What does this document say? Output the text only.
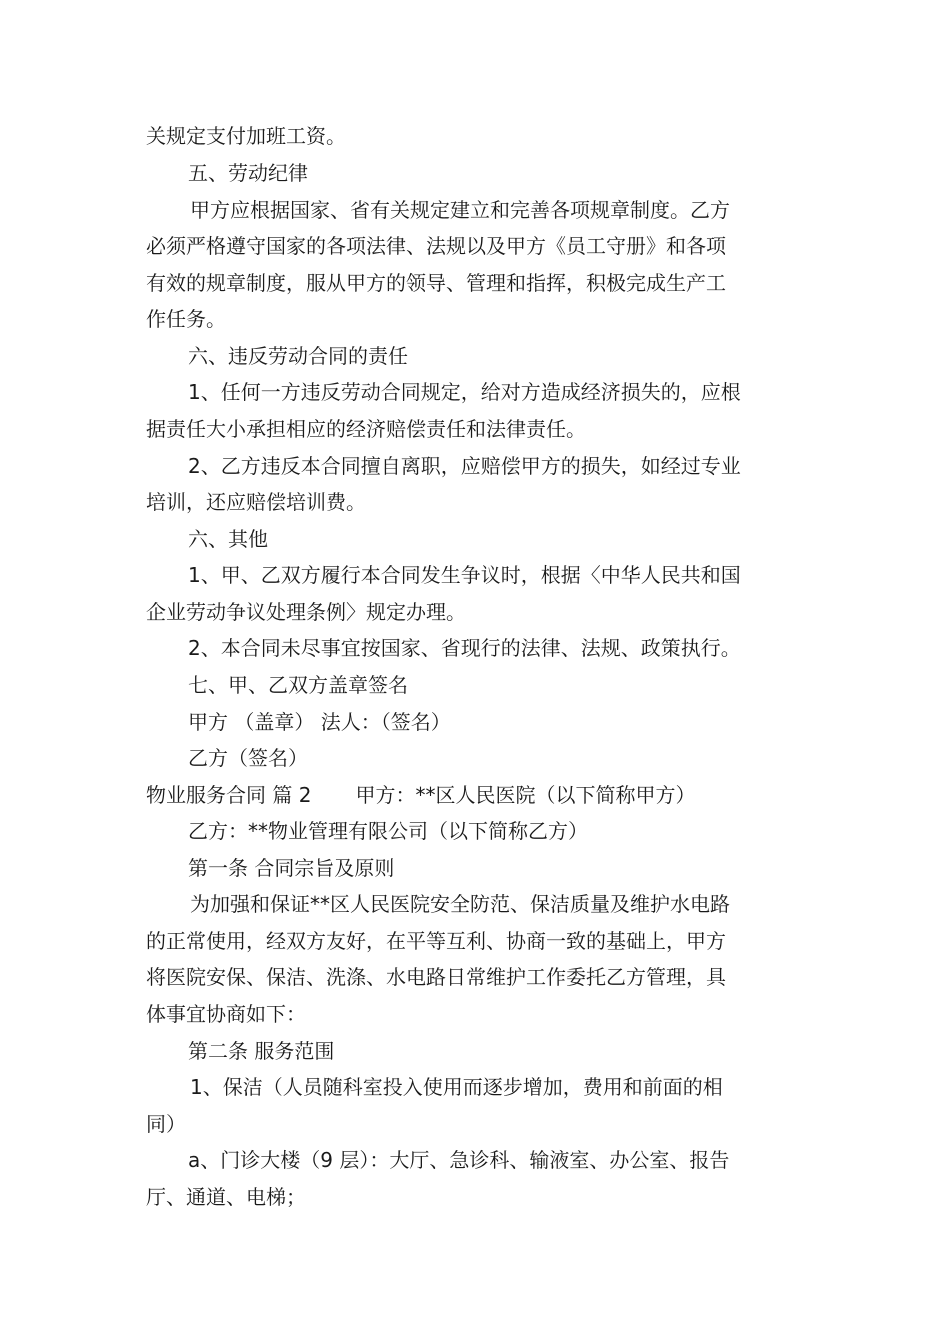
关规定支付加班工资。
五、劳动纪律
甲方应根据国家、省有关规定建立和完善各项规章制度。乙方
必须严格遵守国家的各项法律、法规以及甲方《员工守册》和各项
有效的规章制度，服从甲方的领导、管理和指挥，积极完成生产工
作任务。
六、违反劳动合同的责任
1、任何一方违反劳动合同规定，给对方造成经济损失的，应根
据责任大小承担相应的经济赔偿责任和法律责任。
2、乙方违反本合同擅自离职，应赔偿甲方的损失，如经过专业
培训，还应赔偿培训费。
六、其他
1、甲、乙双方履行本合同发生争议时，根据〈中华人民共和国
企业劳动争议处理条例〉规定办理。
2、本合同未尽事宜按国家、省现行的法律、法规、政策执行。
七、甲、乙双方盖章签名
甲方 （盖章） 法人：（签名）
乙方（签名）
物业服务合同 篇 2 甲方：**区人民医院（以下简称甲方）
乙方：**物业管理有限公司（以下简称乙方）
第一条 合同宗旨及原则
为加强和保证**区人民医院安全防范、保洁质量及维护水电路
的正常使用，经双方友好，在平等互利、协商一致的基础上，甲方
将医院安保、保洁、洗涤、水电路日常维护工作委托乙方管理，具
体事宜协商如下：
第二条 服务范围
1、保洁（人员随科室投入使用而逐步增加，费用和前面的相
同）
a、门诊大楼（9 层）：大厅、急诊科、输液室、办公室、报告
厅、通道、电梯；
